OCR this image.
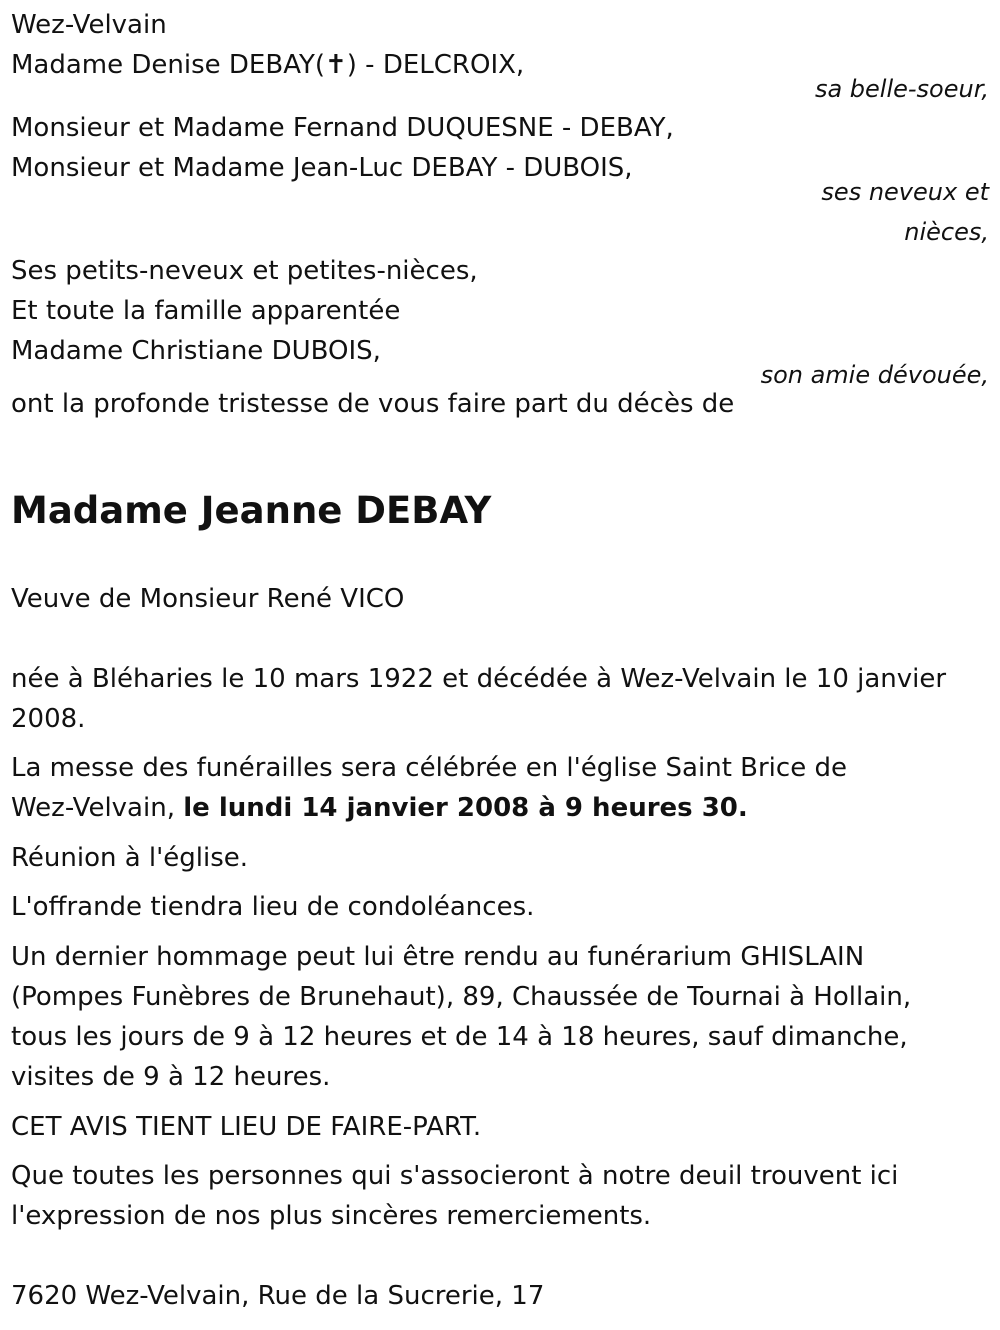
Wez-Velvain
Madame Denise DEBAY(✝) - DELCROIX,
sa belle-soeur,
Monsieur et Madame Fernand DUQUESNE - DEBAY,
Monsieur et Madame Jean-Luc DEBAY - DUBOIS,
ses neveux et
nièces,
Ses petits-neveux et petites-nièces,
Et toute la famille apparentée
Madame Christiane DUBOIS,
son amie dévouée,
ont la profonde tristesse de vous faire part du décès de
Madame Jeanne DEBAY
Veuve de Monsieur René VICO
née à Bléharies le 10 mars 1922 et décédée à Wez-Velvain le 10 janvier
2008.
La messe des funérailles sera célébrée en l'église Saint Brice de
Wez-Velvain, le lundi 14 janvier 2008 à 9 heures 30.
Réunion à l'église.
L'offrande tiendra lieu de condoléances.
Un dernier hommage peut lui être rendu au funérarium GHISLAIN
(Pompes Funèbres de Brunehaut), 89, Chaussée de Tournai à Hollain,
tous les jours de 9 à 12 heures et de 14 à 18 heures, sauf dimanche,
visites de 9 à 12 heures.
CET AVIS TIENT LIEU DE FAIRE-PART.
Que toutes les personnes qui s'associeront à notre deuil trouvent ici
l'expression de nos plus sincères remerciements.
7620 Wez-Velvain, Rue de la Sucrerie, 17
